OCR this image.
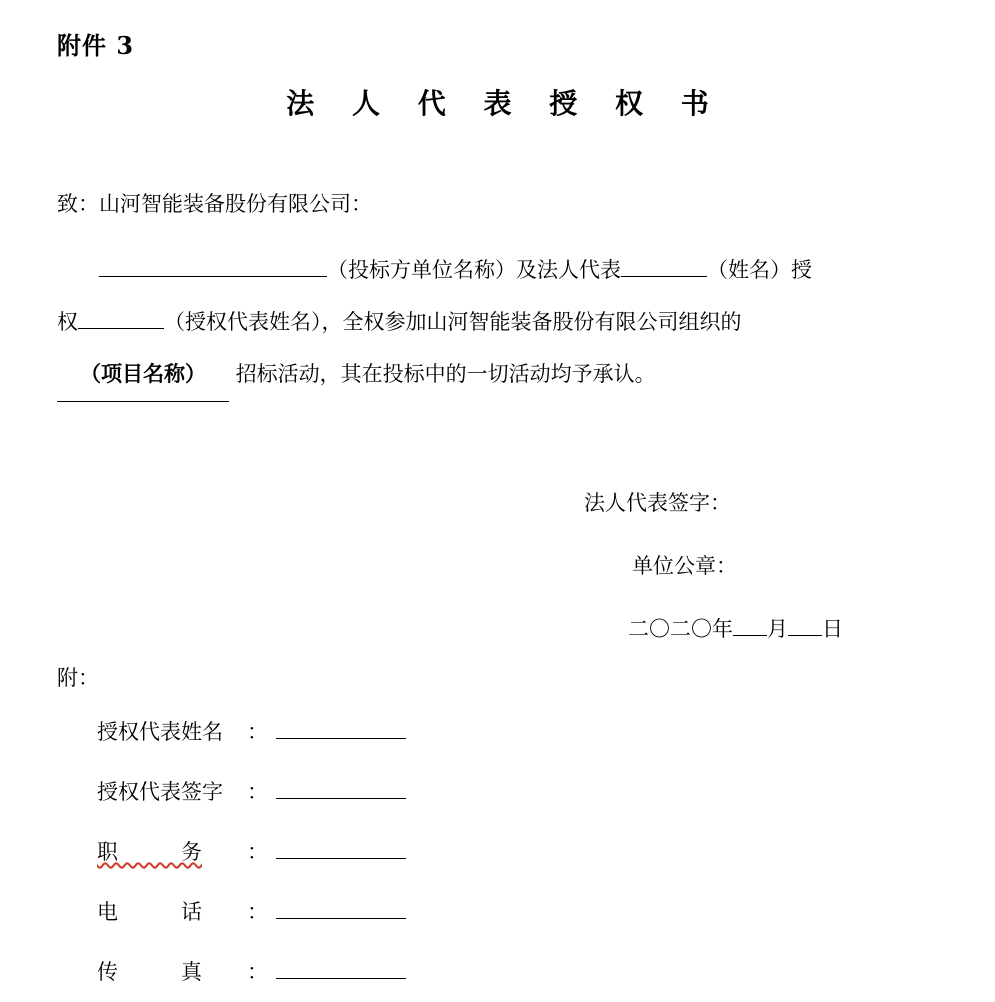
附件 3
法 人 代 表 授 权 书

致：山河智能装备股份有限公司：

（投标方单位名称）及法人代表	（姓名）授

权	（授权代表姓名），全权参加山河智能装备股份有限公司组织的

（项目名称） 招标活动，其在投标中的一切活动均予承认。

法人代表签字：

单位公章：

二〇二〇年 月 日

附：
授权代表姓名 ：
授权代表签字 ：
职　　　务 ：
电　　　话 ：
传　　　真 ：
